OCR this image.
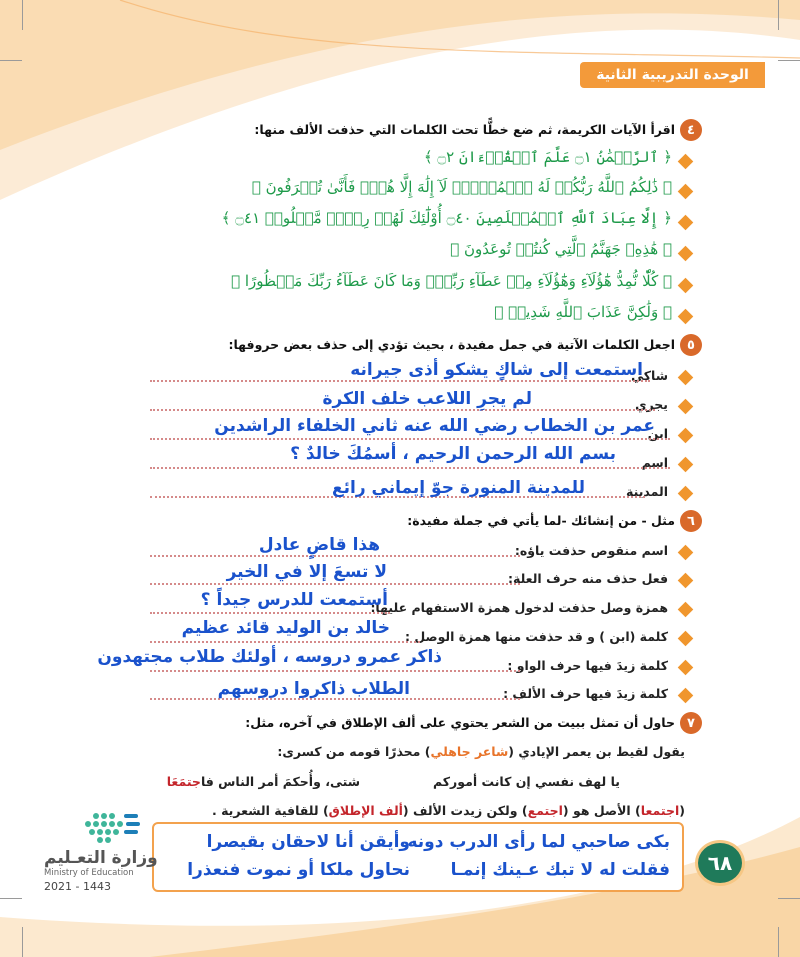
الوحدة التدريبية الثانية
٤
اقرأ الآيات الكريمة، ثم ضع خطًّا تحت الكلمات التي حذفت الألف منها:
﴿ ٱلرَّحۡمَٰنُ ۝١ عَلَّمَ ٱلۡقُرۡءَانَ ۝٢ ﴾
﴿ ذَٰلِكُمُ ٱللَّهُ رَبُّكُمۡ لَهُ ٱلۡمُلۡكُۖ لَآ إِلَٰهَ إِلَّا هُوَۖ فَأَنَّىٰ تُصۡرَفُونَ ﴾
﴿ إِلَّا عِبَادَ ٱللَّهِ ٱلۡمُخۡلَصِينَ ۝٤٠ أُوْلَٰٓئِكَ لَهُمۡ رِزۡقٞ مَّعۡلُومٞ ۝٤١ ﴾
﴿ هَٰذِهِۦ جَهَنَّمُ ٱلَّتِي كُنتُمۡ تُوعَدُونَ ﴾
﴿ كُلّٗا نُّمِدُّ هَٰٓؤُلَآءِ وَهَٰٓؤُلَآءِ مِنۡ عَطَآءِ رَبِّكَۚ وَمَا كَانَ عَطَآءُ رَبِّكَ مَحۡظُورًا ﴾
﴿ وَلَٰكِنَّ عَذَابَ ٱللَّهِ شَدِيدٞ ﴾
٥
اجعل الكلمات الآتية في جمل مفيدة ، بحيث تؤدي إلى حذف بعض حروفها:
شاكي
استمعت إلى شاكٍ يشكو أذى جيرانه
يجري
لم يجرِ اللاعب خلف الكرة
ابن
عمر بن الخطاب رضي الله عنه ثاني الخلفاء الراشدين
اسم
بسم الله الرحمن الرحيم ، أسمُكَ خالدٌ ؟
المدينة
للمدينة المنورة جوّ إيماني رائع
٦
مثل - من إنشائك -لما يأتي في جملة مفيدة:
اسم منقوص حذفت ياؤه:
هذا قاضٍ عادل
فعل حذف منه حرف العلة:
لا تسعَ إلا في الخير
همزة وصل حذفت لدخول همزة الاستفهام عليها:
أستمعت للدرس جيداً ؟
كلمة (ابن ) و قد حذفت منها همزة الوصل :
خالد بن الوليد قائد عظيم
كلمة زيدَ فيها حرف الواو :
ذاكر عمرو دروسه ، أولئك طلاب مجتهدون
كلمة زيدَ فيها حرف الألف :
الطلاب ذاكروا دروسهم
٧
حاول أن تمثل ببيت من الشعر يحتوي على ألف الإطلاق في آخره، مثل:
يقول لقيط بن يعمر الإيادي (شاعر جاهلي) محذرًا قومه من كسرى:
يا لهف نفسي إن كانت أموركم
شتى، وأُحكمَ أمر الناس فاجتمَعَا
(اجتمعا) الأصل هو (اجتمع) ولكن زيدت الألف (ألف الإطلاق) للقافية الشعرية .
بكى صاحبي لما رأى الدرب دونه
وأيقن أنا لاحقان بقيصرا
فقلت له لا تبك عـينك إنمـا
نحاول ملكا أو نموت فنعذرا	٦٨
وزارة التعـليم
Ministry of Education
2021 - 1443
